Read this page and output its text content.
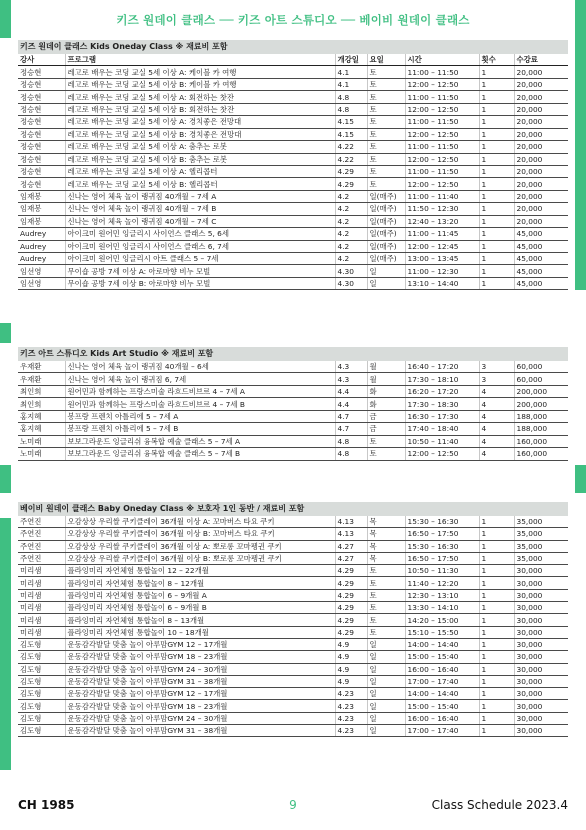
키즈 원데이 클래스 ── 키즈 아트 스튜디오 ── 베이비 원데이 클래스
키즈 원데이 클래스 Kids Oneday Class ※ 재료비 포함
강사	프로그램	개강일	요일	시간	횟수	수강료
정승현	레고로 배우는 코딩 교실 5세 이상 A: 케이블 카 여행	4.1	토	11:00 – 11:50	1	20,000
정승현	레고로 배우는 코딩 교실 5세 이상 B: 케이블 카 여행	4.1	토	12:00 – 12:50	1	20,000
정승현	레고로 배우는 코딩 교실 5세 이상 A: 회전하는 찻잔	4.8	토	11:00 – 11:50	1	20,000
정승현	레고로 배우는 코딩 교실 5세 이상 B: 회전하는 찻잔	4.8	토	12:00 – 12:50	1	20,000
정승현	레고로 배우는 코딩 교실 5세 이상 A: 경치좋은 전망대	4.15	토	11:00 – 11:50	1	20,000
정승현	레고로 배우는 코딩 교실 5세 이상 B: 경치좋은 전망대	4.15	토	12:00 – 12:50	1	20,000
정승현	레고로 배우는 코딩 교실 5세 이상 A: 춤추는 로봇	4.22	토	11:00 – 11:50	1	20,000
정승현	레고로 배우는 코딩 교실 5세 이상 B: 춤추는 로봇	4.22	토	12:00 – 12:50	1	20,000
정승현	레고로 배우는 코딩 교실 5세 이상 A: 헬리콥터	4.29	토	11:00 – 11:50	1	20,000
정승현	레고로 배우는 코딩 교실 5세 이상 B: 헬리콥터	4.29	토	12:00 – 12:50	1	20,000
임재봉	신나는 영어 체육 놀이 랭귀짐 40개월 – 7세 A	4.2	일(매주)	11:00 – 11:40	1	20,000
임재봉	신나는 영어 체육 놀이 랭귀짐 40개월 – 7세 B	4.2	일(매주)	11:50 – 12:30	1	20,000
임재봉	신나는 영어 체육 놀이 랭귀짐 40개월 – 7세 C	4.2	일(매주)	12:40 – 13:20	1	20,000
Audrey	아이크미 원어민 잉글리시 사이언스 클래스 5, 6세	4.2	일(매주)	11:00 – 11:45	1	45,000
Audrey	아이크미 원어민 잉글리시 사이언스 클래스 6, 7세	4.2	일(매주)	12:00 – 12:45	1	45,000
Audrey	아이크미 원어민 잉글리시 아트 클래스 5 – 7세	4.2	일(매주)	13:00 – 13:45	1	45,000
임선영	무이숍 공방 7세 이상 A: 아로마향 비누 모빌	4.30	일	11:00 – 12:30	1	45,000
임선영	무이숍 공방 7세 이상 B: 아로마향 비누 모빌	4.30	일	13:10 – 14:40	1	45,000
키즈 아트 스튜디오 Kids Art Studio ※ 재료비 포함
우재환	신나는 영어 체육 놀이 랭귀짐 40개월 – 6세	4.3	월	16:40 – 17:20	3	60,000
우재환	신나는 영어 체육 놀이 랭귀짐 6, 7세	4.3	월	17:30 – 18:10	3	60,000
최인희	원어민과 함께하는 프랑스미술 라흐드비브르 4 – 7세 A	4.4	화	16:20 – 17:20	4	200,000
최인희	원어민과 함께하는 프랑스미술 라흐드비브르 4 – 7세 B	4.4	화	17:30 – 18:30	4	200,000
홍지혜	봉프랑 프렌치 아틀리에 5 – 7세 A	4.7	금	16:30 – 17:30	4	188,000
홍지혜	봉프랑 프렌치 아틀리에 5 – 7세 B	4.7	금	17:40 – 18:40	4	188,000
노미래	보보그라운드 잉글리쉬 융복합 예술 클래스 5 – 7세 A	4.8	토	10:50 – 11:40	4	160,000
노미래	보보그라운드 잉글리쉬 융복합 예술 클래스 5 – 7세 B	4.8	토	12:00 – 12:50	4	160,000
베이비 원데이 클래스 Baby Oneday Class ※ 보호자 1인 동반 / 재료비 포함
주연진	오감상상 우리쌀 쿠키클레이 36개월 이상 A: 꼬마버스 타요 쿠키	4.13	목	15:30 – 16:30	1	35,000
주연진	오감상상 우리쌀 쿠키클레이 36개월 이상 B: 꼬마버스 타요 쿠키	4.13	목	16:50 – 17:50	1	35,000
주연진	오감상상 우리쌀 쿠키클레이 36개월 이상 A: 뽀로롱 꼬마펭귄 쿠키	4.27	목	15:30 – 16:30	1	35,000
주연진	오감상상 우리쌀 쿠키클레이 36개월 이상 B: 뽀로롱 꼬마펭귄 쿠키	4.27	목	16:50 – 17:50	1	35,000
미리샘	플라잉미리 자연체험 통합놀이 12 – 22개월	4.29	토	10:50 – 11:30	1	30,000
미리샘	플라잉미리 자연체험 통합놀이 8 – 12개월	4.29	토	11:40 – 12:20	1	30,000
미리샘	플라잉미리 자연체험 통합놀이 6 – 9개월 A	4.29	토	12:30 – 13:10	1	30,000
미리샘	플라잉미리 자연체험 통합놀이 6 – 9개월 B	4.29	토	13:30 – 14:10	1	30,000
미리샘	플라잉미리 자연체험 통합놀이 8 – 13개월	4.29	토	14:20 – 15:00	1	30,000
미리샘	플라잉미리 자연체험 통합놀이 10 – 18개월	4.29	토	15:10 – 15:50	1	30,000
김도형	운동감각발달 맞춤 놀이 아루맘GYM 12 – 17개월	4.9	일	14:00 – 14:40	1	30,000
김도형	운동감각발달 맞춤 놀이 아루맘GYM 18 – 23개월	4.9	일	15:00 – 15:40	1	30,000
김도형	운동감각발달 맞춤 놀이 아루맘GYM 24 – 30개월	4.9	일	16:00 – 16:40	1	30,000
김도형	운동감각발달 맞춤 놀이 아루맘GYM 31 – 38개월	4.9	일	17:00 – 17:40	1	30,000
김도형	운동감각발달 맞춤 놀이 아루맘GYM 12 – 17개월	4.23	일	14:00 – 14:40	1	30,000
김도형	운동감각발달 맞춤 놀이 아루맘GYM 18 – 23개월	4.23	일	15:00 – 15:40	1	30,000
김도형	운동감각발달 맞춤 놀이 아루맘GYM 24 – 30개월	4.23	일	16:00 – 16:40	1	30,000
김도형	운동감각발달 맞춤 놀이 아루맘GYM 31 – 38개월	4.23	일	17:00 – 17:40	1	30,000
CH 1985	9	Class Schedule 2023.4
